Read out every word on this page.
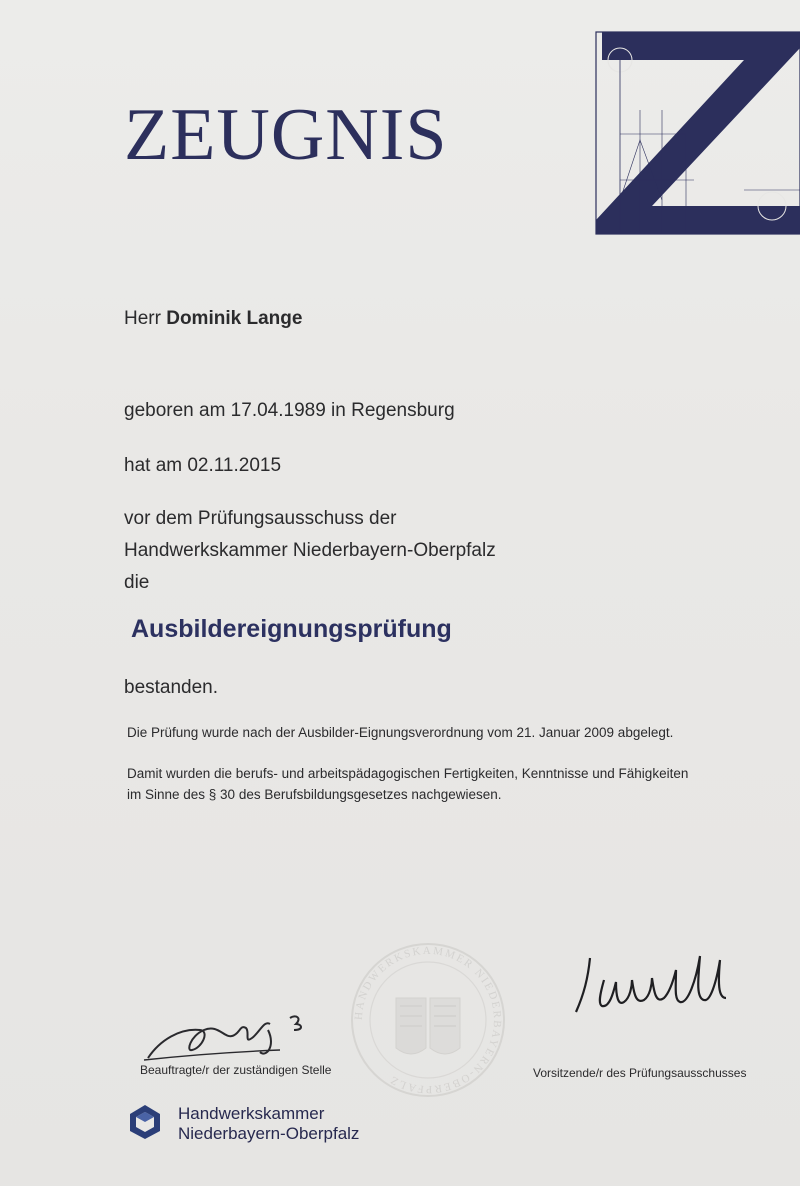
ZEUGNIS
Herr Dominik Lange
geboren am 17.04.1989 in Regensburg
hat am 02.11.2015
vor dem Prüfungsausschuss der
Handwerkskammer Niederbayern-Oberpfalz
die
Ausbildereignungsprüfung
bestanden.
Die Prüfung wurde nach der Ausbilder-Eignungsverordnung vom 21. Januar 2009 abgelegt.
Damit wurden die berufs- und arbeitspädagogischen Fertigkeiten, Kenntnisse und Fähigkeiten
im Sinne des § 30 des Berufsbildungsgesetzes nachgewiesen.
HANDWERKSKAMMER NIEDERBAYERN-OBERPFALZ
Beauftragte/r der zuständigen Stelle	Vorsitzende/r des Prüfungsausschusses
Handwerkskammer
Niederbayern-Oberpfalz
